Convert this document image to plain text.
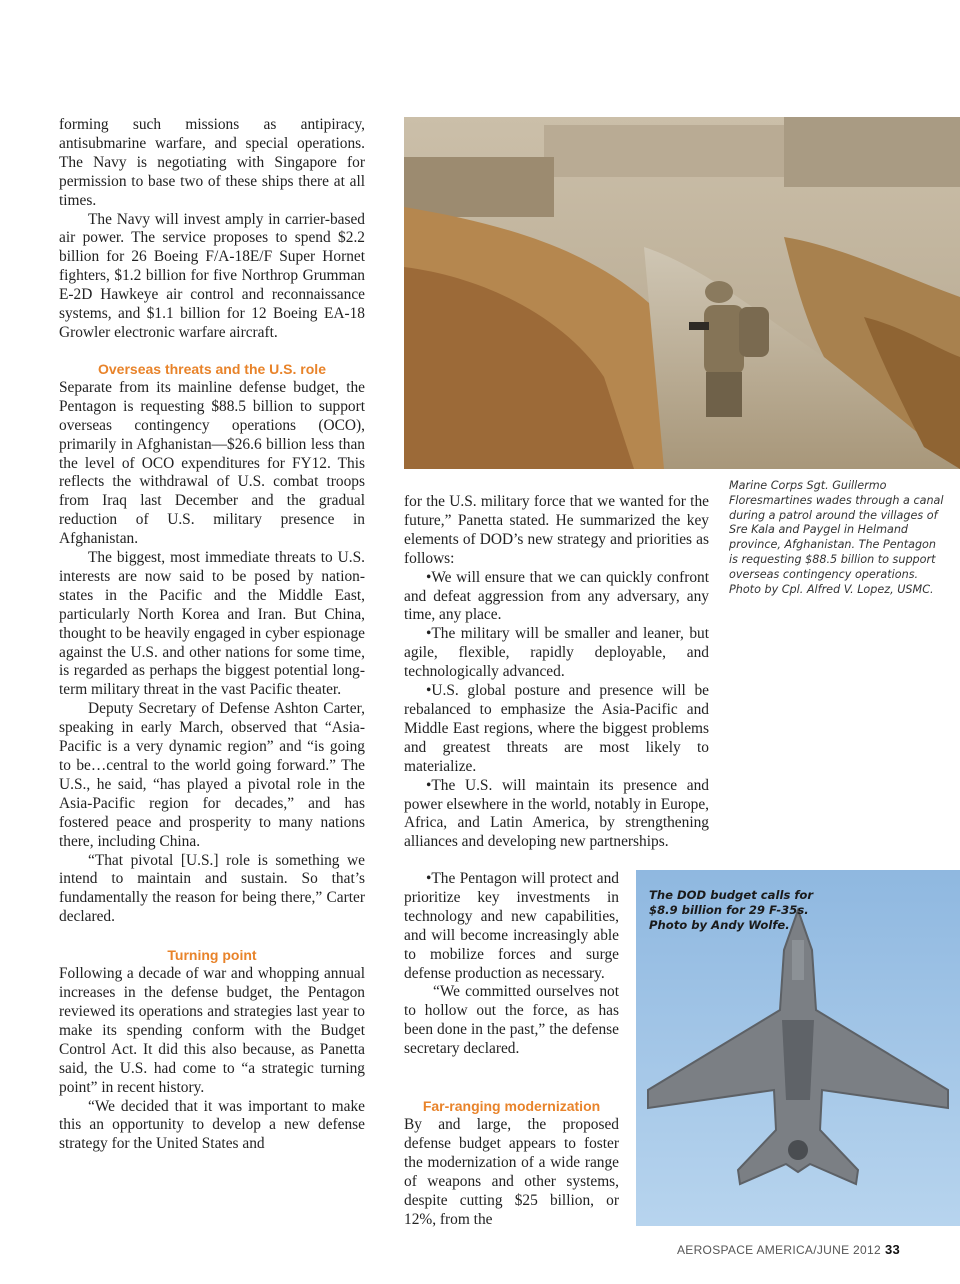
forming such missions as antipiracy, antisubmarine warfare, and special operations. The Navy is negotiating with Singapore for permission to base two of these ships there at all times.

The Navy will invest amply in carrier-based air power. The service proposes to spend $2.2 billion for 26 Boeing F/A-18E/F Super Hornet fighters, $1.2 billion for five Northrop Grumman E-2D Hawkeye air control and reconnaissance systems, and $1.1 billion for 12 Boeing EA-18 Growler electronic warfare aircraft.

Overseas threats and the U.S. role

Separate from its mainline defense budget, the Pentagon is requesting $88.5 billion to support overseas contingency operations (OCO), primarily in Afghanistan—$26.6 billion less than the level of OCO expenditures for FY12. This reflects the withdrawal of U.S. combat troops from Iraq last December and the gradual reduction of U.S. military presence in Afghanistan.

The biggest, most immediate threats to U.S. interests are now said to be posed by nation-states in the Pacific and the Middle East, particularly North Korea and Iran. But China, thought to be heavily engaged in cyber espionage against the U.S. and other nations for some time, is regarded as perhaps the biggest potential long-term military threat in the vast Pacific theater.

Deputy Secretary of Defense Ashton Carter, speaking in early March, observed that “Asia-Pacific is a very dynamic region” and “is going to be…central to the world going forward.” The U.S., he said, “has played a pivotal role in the Asia-Pacific region for decades,” and has fostered peace and prosperity to many nations there, including China.

“That pivotal [U.S.] role is something we intend to maintain and sustain. So that’s fundamentally the reason for being there,” Carter declared.

Turning point

Following a decade of war and whopping annual increases in the defense budget, the Pentagon reviewed its operations and strategies last year to make its spending conform with the Budget Control Act. It did this also because, as Panetta said, the U.S. had come to “a strategic turning point” in recent history.

“We decided that it was important to make this an opportunity to develop a new defense strategy for the United States and

Marine Corps Sgt. Guillermo Floresmartines wades through a canal during a patrol around the villages of Sre Kala and Paygel in Helmand province, Afghanistan. The Pentagon is requesting $88.5 billion to support overseas contingency operations. Photo by Cpl. Alfred V. Lopez, USMC.

for the U.S. military force that we wanted for the future,” Panetta stated. He summarized the key elements of DOD’s new strategy and priorities as follows:

•We will ensure that we can quickly confront and defeat aggression from any adversary, any time, any place.

•The military will be smaller and leaner, but agile, flexible, rapidly deployable, and technologically advanced.

•U.S. global posture and presence will be rebalanced to emphasize the Asia-Pacific and Middle East regions, where the biggest problems and greatest threats are most likely to materialize.

•The U.S. will maintain its presence and power elsewhere in the world, notably in Europe, Africa, and Latin America, by strengthening alliances and developing new partnerships.

•The Pentagon will protect and prioritize key investments in technology and new capabilities, and will become increasingly able to mobilize forces and surge defense production as necessary.

“We committed ourselves not to hollow out the force, as has been done in the past,” the defense secretary declared.

Far-ranging modernization

By and large, the proposed defense budget appears to foster the modernization of a wide range of weapons and other systems, despite cutting $25 billion, or 12%, from the

The DOD budget calls for $8.9 billion for 29 F-35s. Photo by Andy Wolfe.
AEROSPACE AMERICA/JUNE 2012 33
